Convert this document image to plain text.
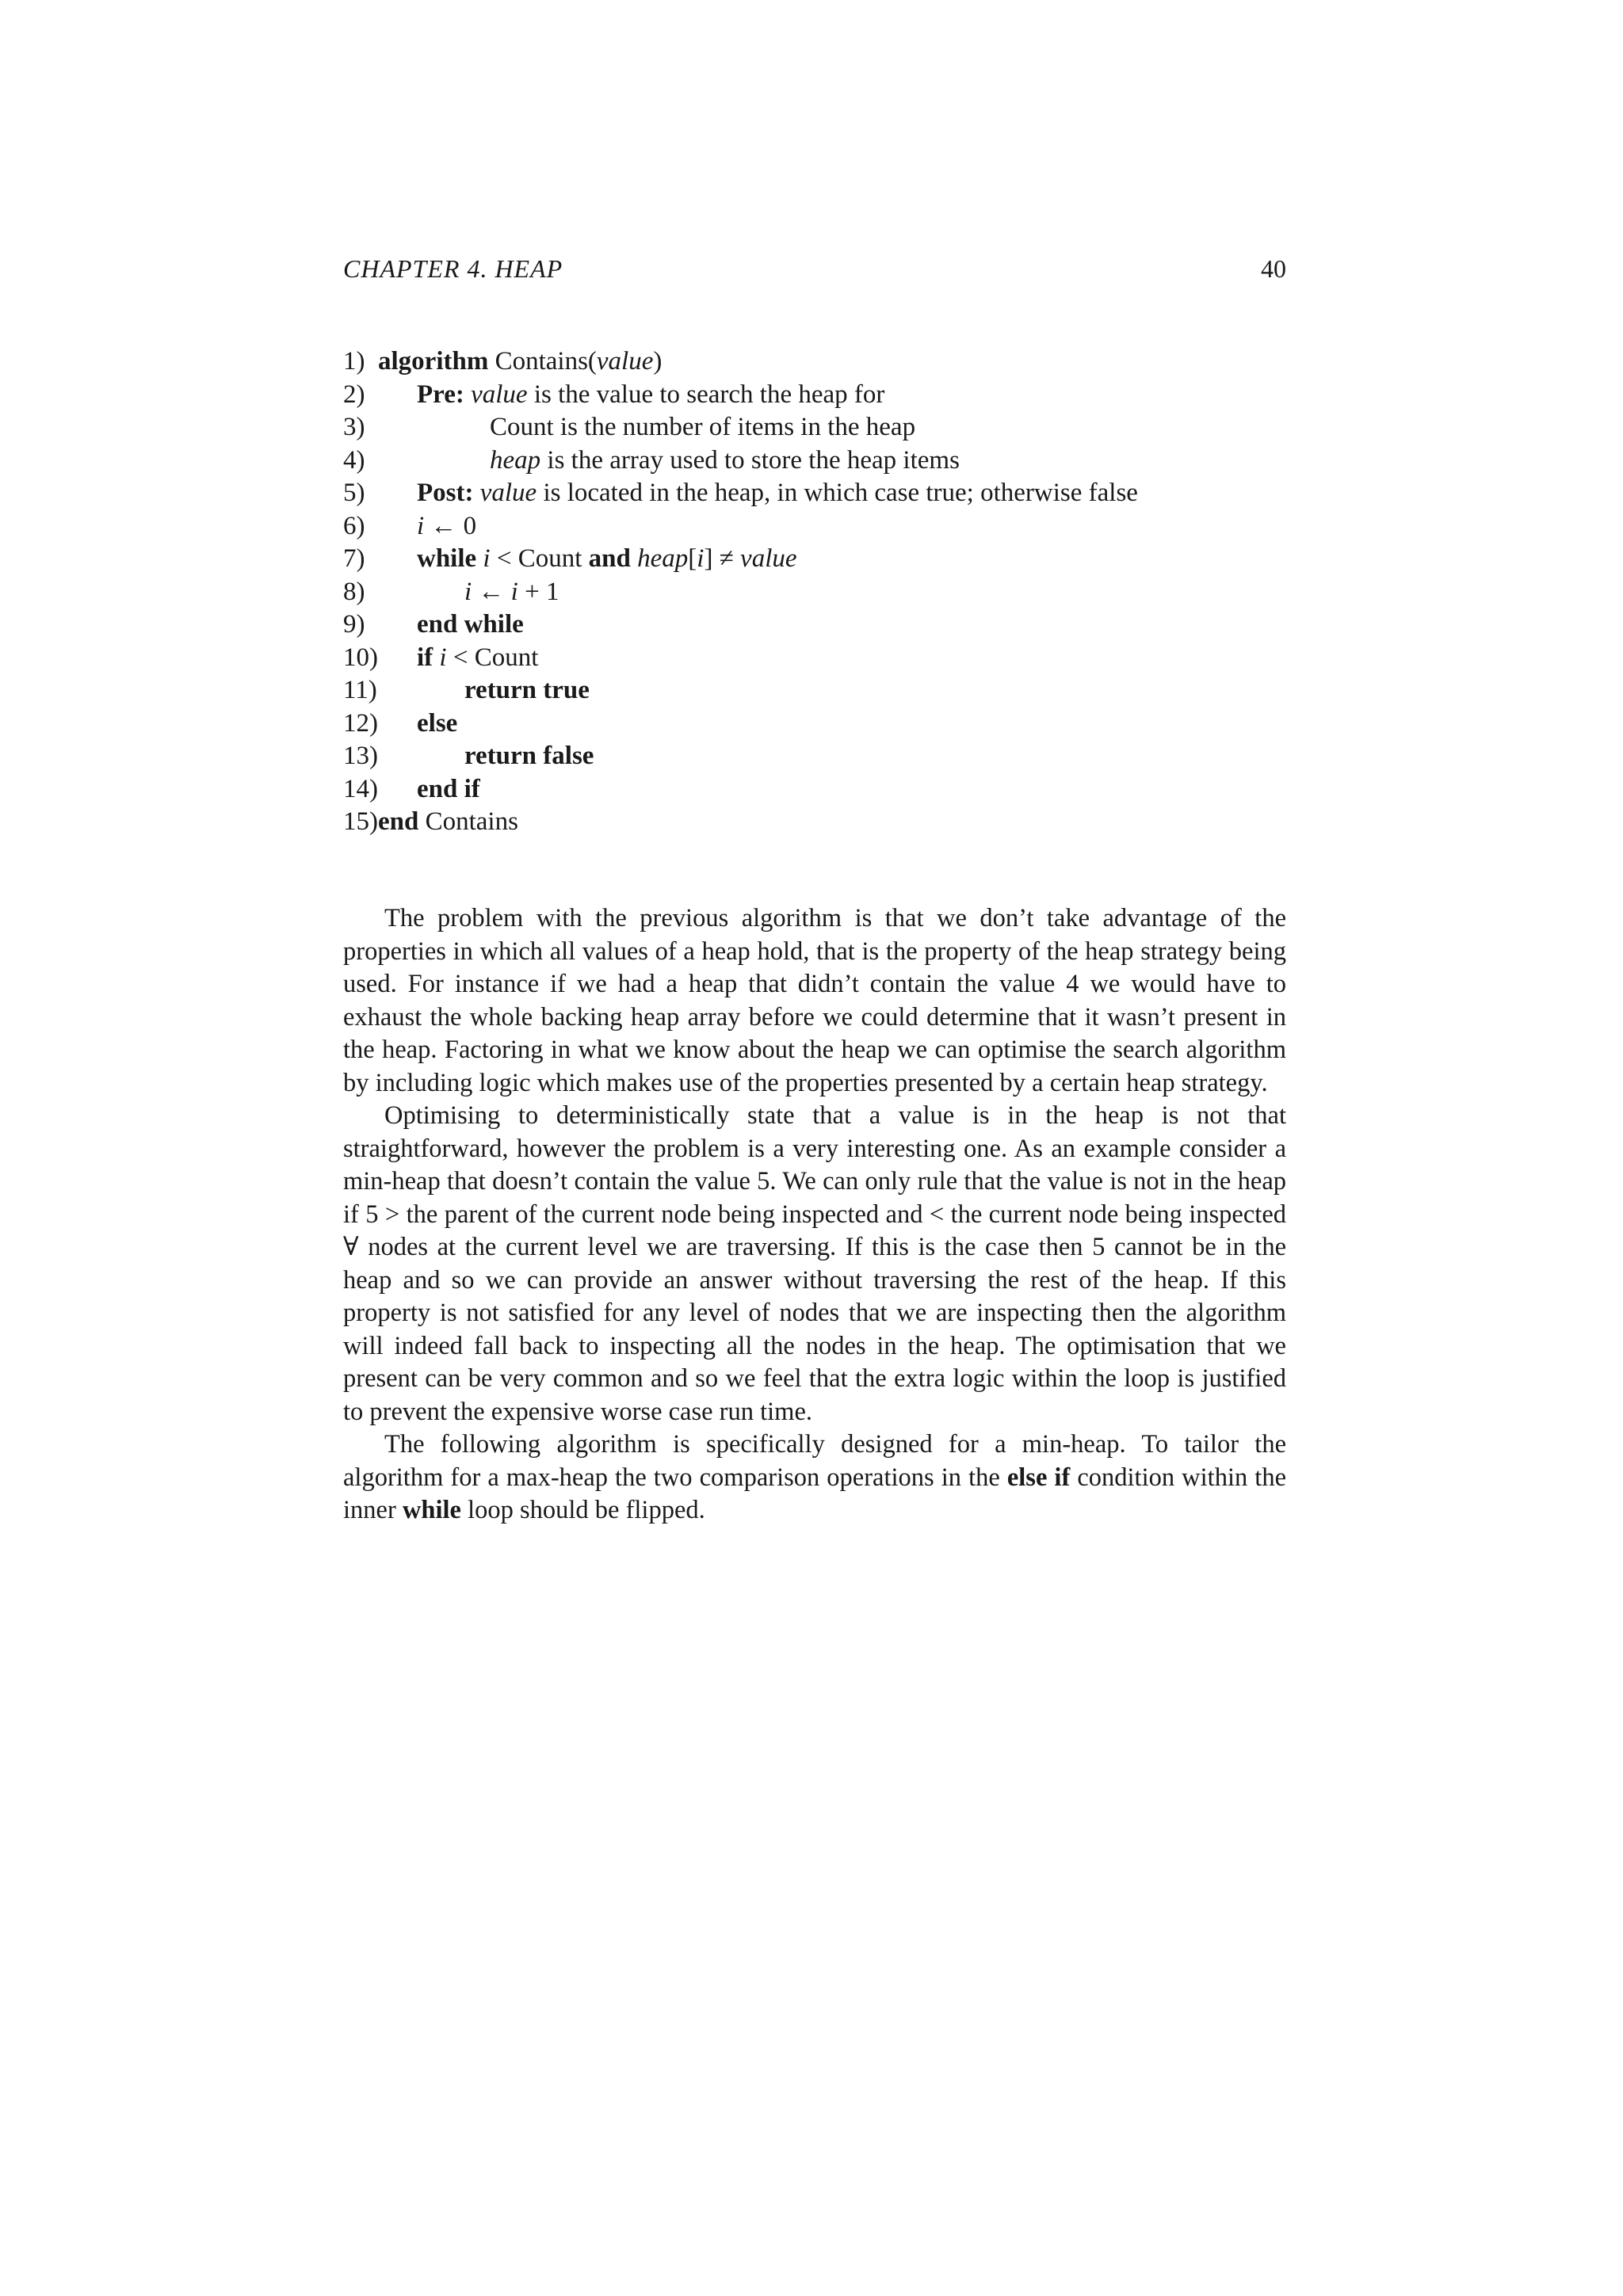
CHAPTER 4. HEAP	40
1) algorithm Contains(value)
2) Pre: value is the value to search the heap for
3)	Count is the number of items in the heap
4)	heap is the array used to store the heap items
5) Post: value is located in the heap, in which case true; otherwise false
6) i ← 0
7) while i < Count and heap[i] ≠ value
8)	i ← i + 1
9) end while
10) if i < Count
11)	return true
12) else
13)	return false
14) end if
15) end Contains

The problem with the previous algorithm is that we don’t take advantage of the properties in which all values of a heap hold, that is the property of the heap strategy being used. For instance if we had a heap that didn’t contain the value 4 we would have to exhaust the whole backing heap array before we could determine that it wasn’t present in the heap. Factoring in what we know about the heap we can optimise the search algorithm by including logic which makes use of the properties presented by a certain heap strategy.

Optimising to deterministically state that a value is in the heap is not that straightforward, however the problem is a very interesting one. As an example consider a min-heap that doesn’t contain the value 5. We can only rule that the value is not in the heap if 5 > the parent of the current node being inspected and < the current node being inspected ∀ nodes at the current level we are traversing. If this is the case then 5 cannot be in the heap and so we can provide an answer without traversing the rest of the heap. If this property is not satisfied for any level of nodes that we are inspecting then the algorithm will indeed fall back to inspecting all the nodes in the heap. The optimisation that we present can be very common and so we feel that the extra logic within the loop is justified to prevent the expensive worse case run time.

The following algorithm is specifically designed for a min-heap. To tailor the algorithm for a max-heap the two comparison operations in the else if condition within the inner while loop should be flipped.
